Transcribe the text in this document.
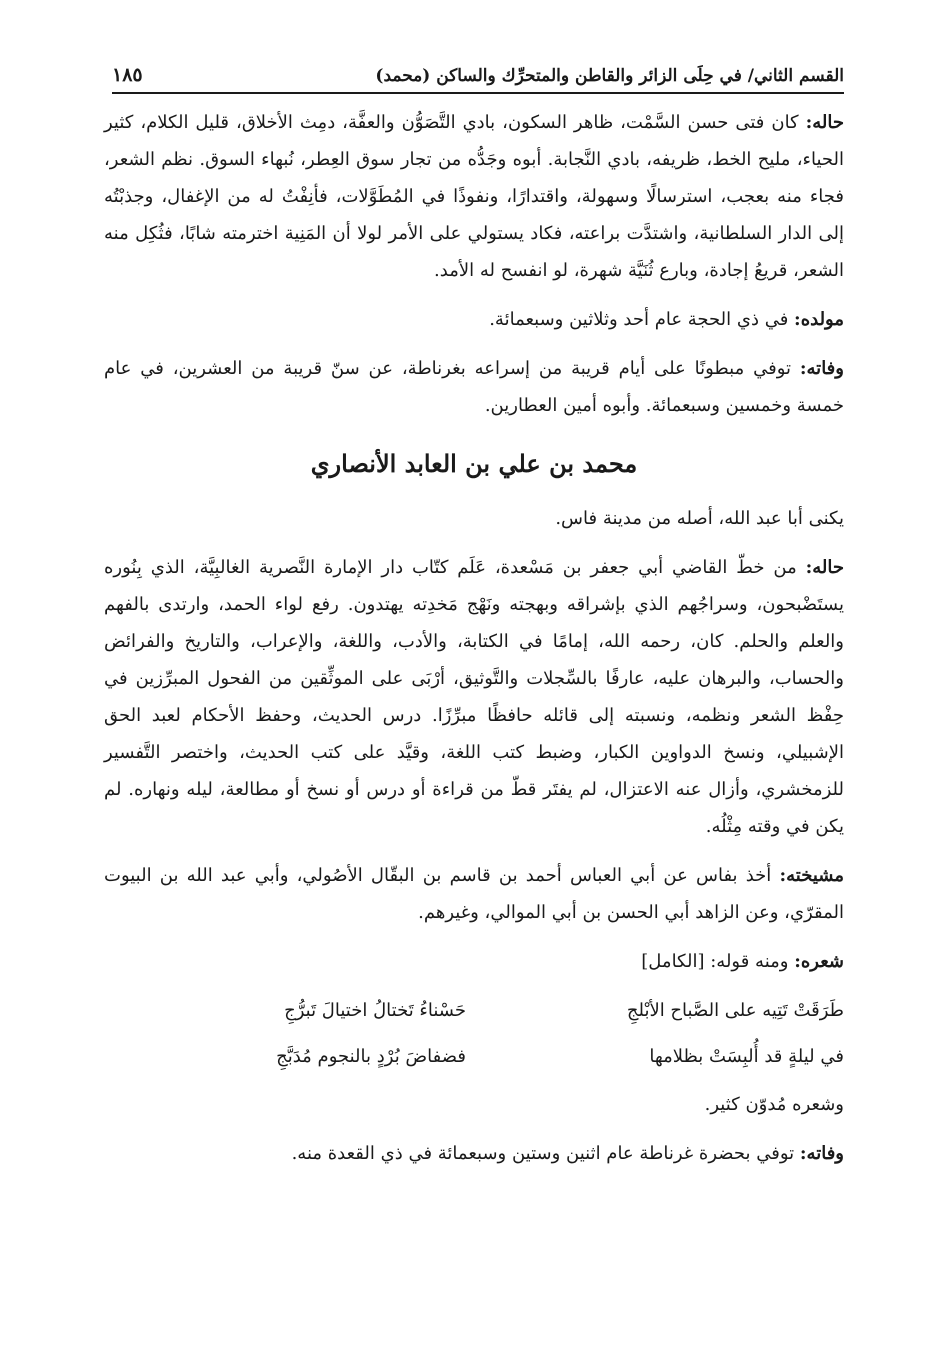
القسم الثاني/ في حِلَى الزائر والقاطن والمتحرِّك والساكن (محمد)
١٨٥

حاله: كان فتى حسن السَّمْت، ظاهر السكون، بادي التَّصَوُّن والعفَّة، دمِث الأخلاق، قليل الكلام، كثير الحياء، مليح الخط، ظريفه، بادي النَّجابة. أبوه وجَدُّه من تجار سوق العِطر، نُبهاء السوق. نظم الشعر، فجاء منه بعجب، استرسالًا وسهولة، واقتدارًا، ونفوذًا في المُطَوَّلات، فأنِفْتُ له من الإغفال، وجذبْتُه إلى الدار السلطانية، واشتدَّت براعته، فكاد يستولي على الأمر لولا أن المَنِية اخترمته شابًا، فثُكِل منه الشعر، قريعُ إجادة، وبارع ثُنَيَّة شهرة، لو انفسح له الأمد.

مولده: في ذي الحجة عام أحد وثلاثين وسبعمائة.

وفاته: توفي مبطونًا على أيام قريبة من إسراعه بغرناطة، عن سنّ قريبة من العشرين، في عام خمسة وخمسين وسبعمائة. وأبوه أمين العطارين.

محمد بن علي بن العابد الأنصاري

يكنى أبا عبد الله، أصله من مدينة فاس.

حاله: من خطّ القاضي أبي جعفر بن مَسْعدة، عَلَم كتّاب دار الإمارة النَّصرية الغالبِيَّة، الذي بِنُوره يستَضْبحون، وسراجُهم الذي بإشراقه وبهجته ونَهْج مَخدِته يهتدون. رفع لواء الحمد، وارتدى بالفهم والعلم والحلم. كان، رحمه الله، إمامًا في الكتابة، والأدب، واللغة، والإعراب، والتاريخ والفرائض والحساب، والبرهان عليه، عارفًا بالسِّجلات والتَّوثيق، أرْبَى على الموثِّقين من الفحول المبرِّزين في حِفْظ الشعر ونظمه، ونسبته إلى قائله حافظًا مبرِّزًا. درس الحديث، وحفظ الأحكام لعبد الحق الإشبيلي، ونسخ الدواوين الكبار، وضبط كتب اللغة، وقيَّد على كتب الحديث، واختصر التَّفسير للزمخشري، وأزال عنه الاعتزال، لم يفتَر قطّ من قراءة أو درس أو نسخ أو مطالعة، ليله ونهاره. لم يكن في وقته مِثْلُه.

مشيخته: أخذ بفاس عن أبي العباس أحمد بن قاسم بن البقّال الأصُولي، وأبي عبد الله بن البيوت المقرّي، وعن الزاهد أبي الحسن بن أبي الموالي، وغيرهم.

شعره: ومنه قوله: [الكامل]

طَرَقَتْ تَتِيه على الصَّباح الأبْلجِ
حَسْناءُ تَختالُ اختيالَ تَبرُّجِ
في ليلةٍ قد أُلبِسَتْ بظلامها
فضفاضَ بُرْدٍ بالنجوم مُدَبَّجِ

وشعره مُدوّن كثير.

وفاته: توفي بحضرة غرناطة عام اثنين وستين وسبعمائة في ذي القعدة منه.
